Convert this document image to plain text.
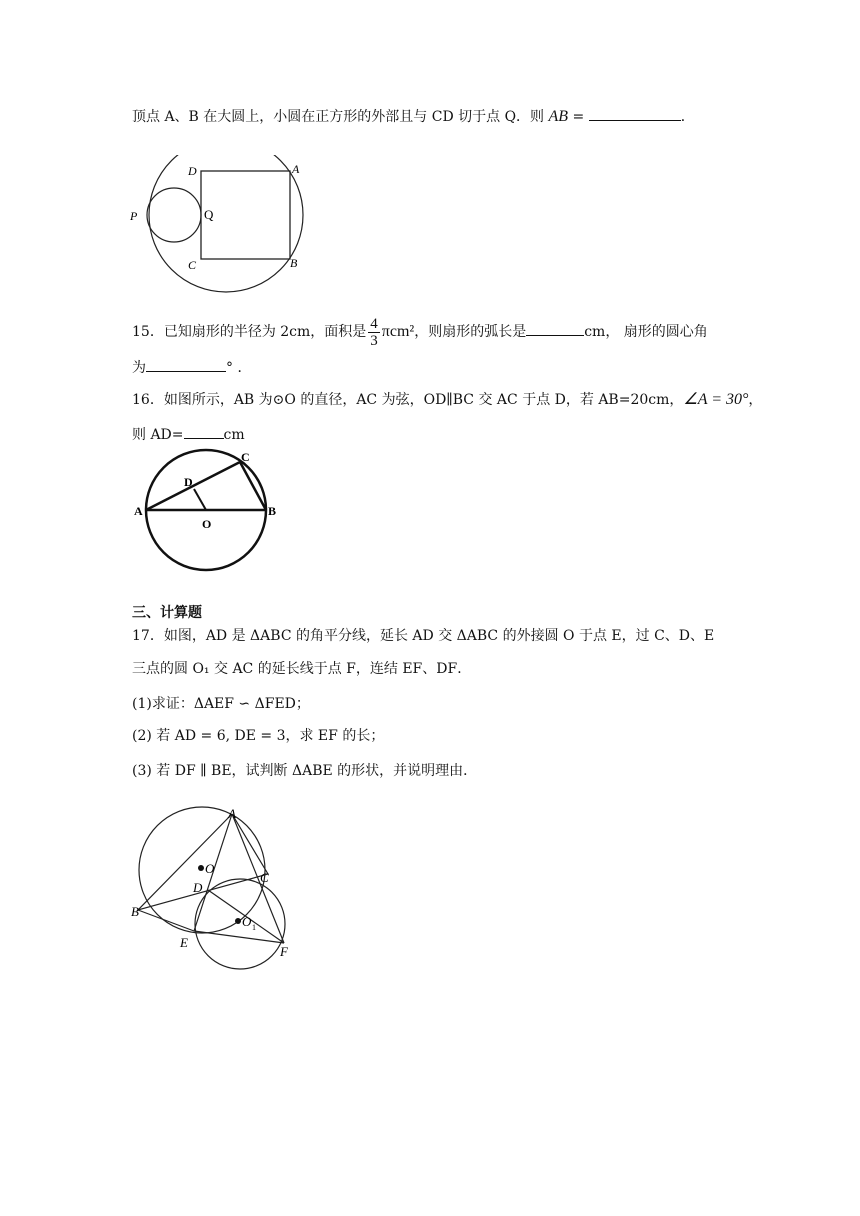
顶点 A、B 在大圆上，小圆在正方形的外部且与 CD 切于点 Q．则 AB =	．
D	A
P	Q
C	B
15．已知扇形的半径为 2cm，面积是 $\frac{4}{3} \pi cm^2$，则扇形的弧长是	cm， 扇形的圆心角
为	° ．
16．如图所示，AB 为⊙O 的直径，AC 为弦，OD∥BC 交 AC 于点 D，若 AB=20cm，∠A = 30°，
则 AD=	cm
A	B
C
D
O
三、计算题
17．如图，AD 是 ΔABC 的角平分线，延长 AD 交 ΔABC 的外接圆 O 于点 E，过 C、D、E
三点的圆 O₁ 交 AC 的延长线于点 F，连结 EF、DF．
(1)求证：ΔAEF ∽ ΔFED；
(2) 若 AD = 6, DE = 3，求 EF 的长；
(3) 若 DF ∥ BE，试判断 ΔABE 的形状，并说明理由．
A
O
D
C
B
O 1
E
F
